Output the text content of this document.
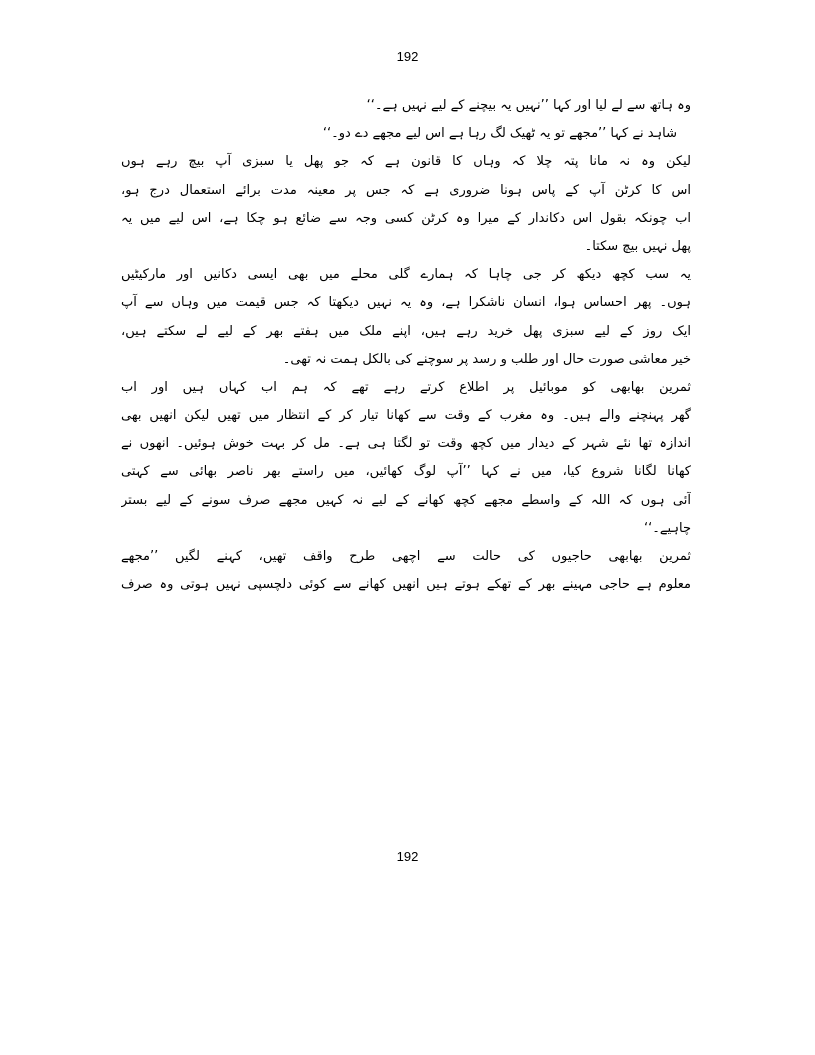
192
وہ ہاتھ سے لے لیا اور کہا ’’نہیں یہ بیچنے کے لیے نہیں ہے۔‘‘
شاہد نے کہا ’’مجھے تو یہ ٹھیک لگ رہا ہے اس لیے مجھے دے دو۔‘‘
لیکن وہ نہ مانا پتہ چلا کہ وہاں کا قانون ہے کہ جو پھل یا سبزی آپ بیچ رہے ہوں
اس کا کرٹن آپ کے پاس ہونا ضروری ہے کہ جس پر معینہ مدت برائے استعمال درج ہو،
اب چونکہ بقول اس دکاندار کے میرا وہ کرٹن کسی وجہ سے ضائع ہو چکا ہے، اس لیے میں یہ
پھل نہیں بیچ سکتا۔
یہ سب کچھ دیکھ کر جی چاہا کہ ہمارے گلی محلے میں بھی ایسی دکانیں اور مارکیٹیں
ہوں۔ پھر احساس ہوا، انسان ناشکرا ہے، وہ یہ نہیں دیکھتا کہ جس قیمت میں وہاں سے آپ
ایک روز کے لیے سبزی پھل خرید رہے ہیں، اپنے ملک میں ہفتے بھر کے لیے لے سکتے ہیں،
خیر معاشی صورت حال اور طلب و رسد پر سوچنے کی بالکل ہمت نہ تھی۔
ثمرین بھابھی کو موبائیل پر اطلاع کرتے رہے تھے کہ ہم اب کہاں ہیں اور اب
گھر پہنچنے والے ہیں۔ وہ مغرب کے وقت سے کھانا تیار کر کے انتظار میں تھیں لیکن انھیں بھی
اندازہ تھا نئے شہر کے دیدار میں کچھ وقت تو لگتا ہی ہے۔ مل کر بہت خوش ہوئیں۔ انھوں نے
کھانا لگانا شروع کیا، میں نے کہا ’’آپ لوگ کھائیں، میں راستے بھر ناصر بھائی سے کہتی
آئی ہوں کہ اللہ کے واسطے مجھے کچھ کھانے کے لیے نہ کہیں مجھے صرف سونے کے لیے بستر
چاہیے۔‘‘
ثمرین بھابھی حاجیوں کی حالت سے اچھی طرح واقف تھیں، کہنے لگیں ’’مجھے
معلوم ہے حاجی مہینے بھر کے تھکے ہوتے ہیں انھیں کھانے سے کوئی دلچسپی نہیں ہوتی وہ صرف
192
